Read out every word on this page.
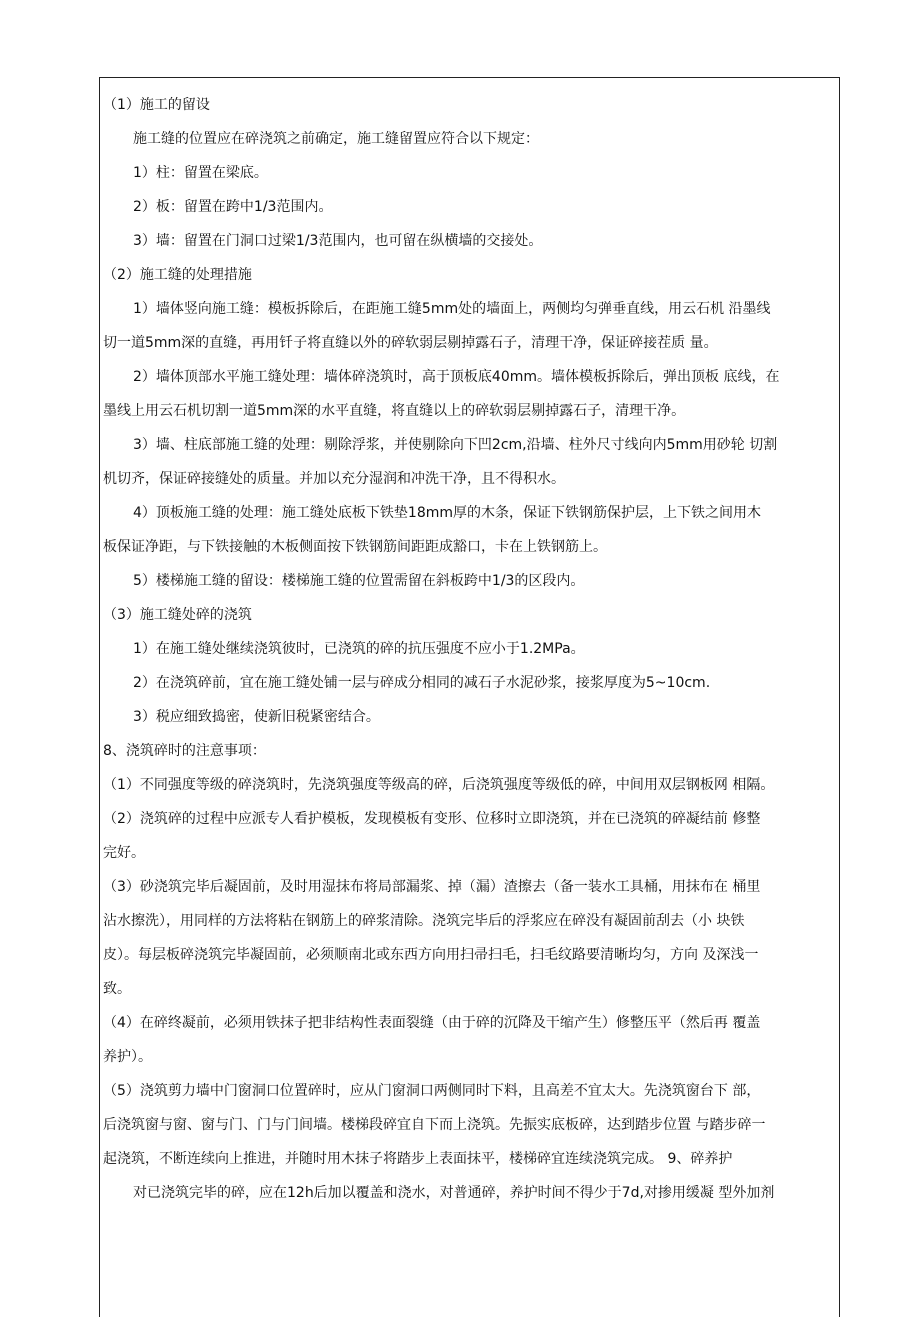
（1）施工的留设
施工缝的位置应在碎浇筑之前确定，施工缝留置应符合以下规定：
1）柱：留置在梁底。
2）板：留置在跨中1/3范围内。
3）墙：留置在门洞口过梁1/3范围内，也可留在纵横墙的交接处。
（2）施工缝的处理措施
1）墙体竖向施工缝：模板拆除后，在距施工缝5mm处的墙面上，两侧均匀弹垂直线，用云石机 沿墨线
切一道5mm深的直缝，再用钎子将直缝以外的碎软弱层剔掉露石子，清理干净，保证碎接茬质 量。
2）墙体顶部水平施工缝处理：墙体碎浇筑时，高于顶板底40mm。墙体模板拆除后，弹出顶板 底线，在
墨线上用云石机切割一道5mm深的水平直缝，将直缝以上的碎软弱层剔掉露石子，清理干净。
3）墙、柱底部施工缝的处理：剔除浮浆，并使剔除向下凹2cm,沿墙、柱外尺寸线向内5mm用砂轮 切割
机切齐，保证碎接缝处的质量。并加以充分湿润和冲洗干净，且不得积水。
4）顶板施工缝的处理：施工缝处底板下铁垫18mm厚的木条，保证下铁钢筋保护层，上下铁之间用木
板保证净距，与下铁接触的木板侧面按下铁钢筋间距距成豁口，卡在上铁钢筋上。
5）楼梯施工缝的留设：楼梯施工缝的位置需留在斜板跨中1/3的区段内。
（3）施工缝处碎的浇筑
1）在施工缝处继续浇筑彼时，已浇筑的碎的抗压强度不应小于1.2MPa。
2）在浇筑碎前，宜在施工缝处铺一层与碎成分相同的减石子水泥砂浆，接浆厚度为5~10cm.
3）税应细致捣密，使新旧税紧密结合。
8、浇筑碎时的注意事项：
（1）不同强度等级的碎浇筑时，先浇筑强度等级高的碎，后浇筑强度等级低的碎，中间用双层钢板网 相隔。
（2）浇筑碎的过程中应派专人看护模板，发现模板有变形、位移时立即浇筑，并在已浇筑的碎凝结前 修整
完好。
（3）砂浇筑完毕后凝固前，及时用湿抹布将局部漏浆、掉（漏）渣擦去（备一装水工具桶，用抹布在 桶里
沾水擦洗），用同样的方法将粘在钢筋上的碎浆清除。浇筑完毕后的浮浆应在碎没有凝固前刮去（小 块铁
皮）。每层板碎浇筑完毕凝固前，必须顺南北或东西方向用扫帚扫毛，扫毛纹路要清晰均匀，方向 及深浅一
致。
（4）在碎终凝前，必须用铁抹子把非结构性表面裂缝（由于碎的沉降及干缩产生）修整压平（然后再 覆盖
养护）。
（5）浇筑剪力墙中门窗洞口位置碎时，应从门窗洞口两侧同时下料，且高差不宜太大。先浇筑窗台下 部，
后浇筑窗与窗、窗与门、门与门间墙。楼梯段碎宜自下而上浇筑。先振实底板碎，达到踏步位置 与踏步碎一
起浇筑，不断连续向上推进，并随时用木抹子将踏步上表面抹平，楼梯碎宜连续浇筑完成。 9、碎养护
对已浇筑完毕的碎，应在12h后加以覆盖和浇水，对普通碎，养护时间不得少于7d,对掺用缓凝 型外加剂
